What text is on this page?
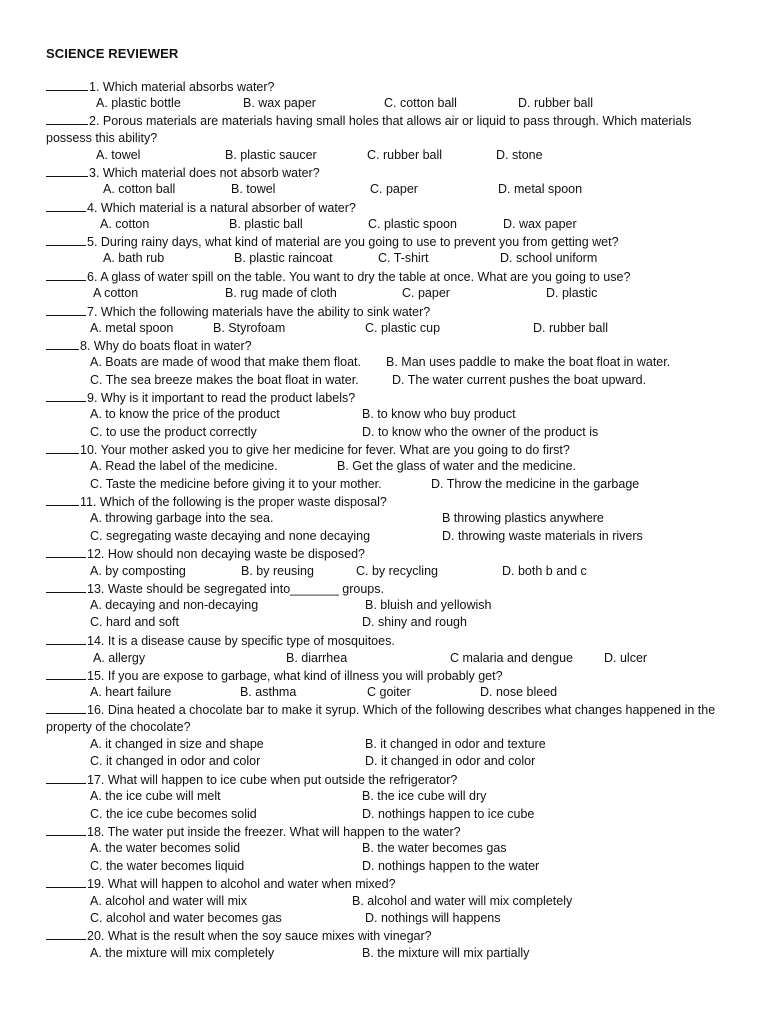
SCIENCE REVIEWER
1. Which material absorbs water?
A. plastic bottle	B. wax paper	C. cotton ball	D. rubber ball
2. Porous materials are materials having small holes that allows air or liquid to pass through. Which materials possess this ability?
A. towel	B. plastic saucer	C. rubber ball	D. stone
3. Which material does not absorb water?
A. cotton ball	B. towel	C. paper	D. metal spoon
4. Which material is a natural absorber of water?
A. cotton	B. plastic ball	C. plastic spoon	D. wax paper
5. During rainy days, what kind of material are you going to use to prevent you from getting wet?
A. bath rub	B. plastic raincoat	C. T-shirt	D. school uniform
6. A glass of water spill on the table. You want to dry the table at once. What are you going to use?
A cotton	B. rug made of cloth	C. paper	D. plastic
7. Which the following materials have the ability to sink water?
A. metal spoon	B. Styrofoam	C. plastic cup	D. rubber ball
8. Why do boats float in water?
A. Boats are made of wood that make them float. B. Man uses paddle to make the boat float in water.
C. The sea breeze makes the boat float in water.	D. The water current pushes the boat upward.
9. Why is it important to read the product labels?
A. to know the price of the product	B. to know who buy product
C. to use the product correctly	D. to know who the owner of the product is
10. Your mother asked you to give her medicine for fever. What are you going to do first?
A. Read the label of the medicine.	B. Get the glass of water and the medicine.
C. Taste the medicine before giving it to your mother.	D. Throw the medicine in the garbage
11. Which of the following is the proper waste disposal?
A. throwing garbage into the sea.	B throwing plastics anywhere
C. segregating waste decaying and none decaying	D. throwing waste materials in rivers
12. How should non decaying waste be disposed?
A. by composting	B. by reusing	C. by recycling	D. both b and c
13. Waste should be segregated into_______ groups.
A. decaying and non-decaying	B. bluish and yellowish
C. hard and soft	D. shiny and rough
14. It is a disease cause by specific type of mosquitoes.
A. allergy	B. diarrhea	C malaria and dengue D. ulcer
15. If you are expose to garbage, what kind of illness you will probably get?
A. heart failure	B. asthma	C goiter	D. nose bleed
16. Dina heated a chocolate bar to make it syrup. Which of the following describes what changes happened in the property of the chocolate?
A. it changed in size and shape	B. it changed in odor and texture
C. it changed in odor and color	D. it changed in odor and color
17. What will happen to ice cube when put outside the refrigerator?
A. the ice cube will melt	B. the ice cube will dry
C. the ice cube becomes solid	D. nothings happen to ice cube
18. The water put inside the freezer. What will happen to the water?
A. the water becomes solid	B. the water becomes gas
C. the water becomes liquid	D. nothings happen to the water
19. What will happen to alcohol and water when mixed?
A. alcohol and water will mix	B. alcohol and water will mix completely
C. alcohol and water becomes gas	D. nothings will happens
20. What is the result when the soy sauce mixes with vinegar?
A. the mixture will mix completely	B. the mixture will mix partially
